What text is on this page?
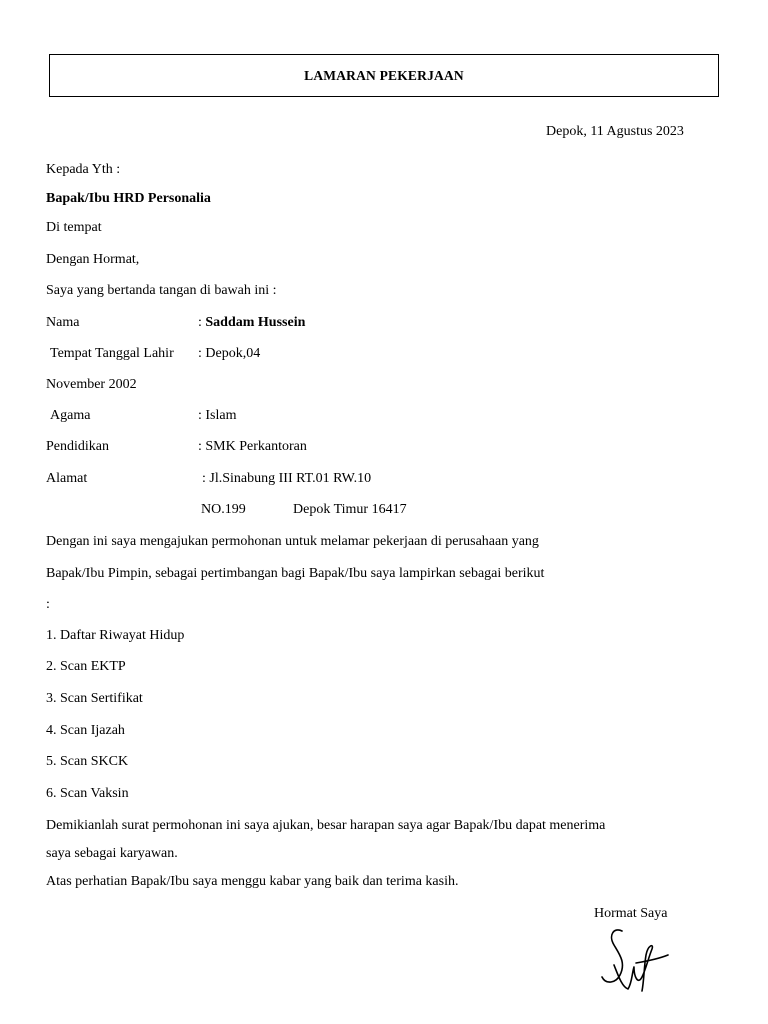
LAMARAN PEKERJAAN
Depok, 11 Agustus 2023
Kepada Yth :
Bapak/Ibu HRD Personalia
Di tempat
Dengan Hormat,
Saya yang bertanda tangan di bawah ini :
Nama	: Saddam Hussein
Tempat Tanggal Lahir : Depok,04
November 2002
Agama	: Islam
Pendidikan	: SMK Perkantoran
Alamat	: Jl.Sinabung III RT.01 RW.10
NO.199	Depok Timur 16417
Dengan ini saya mengajukan permohonan untuk melamar pekerjaan di perusahaan yang
Bapak/Ibu Pimpin, sebagai pertimbangan bagi Bapak/Ibu saya lampirkan sebagai berikut
:
1. Daftar Riwayat Hidup
2. Scan EKTP
3. Scan Sertifikat
4. Scan Ijazah
5. Scan SKCK
6. Scan Vaksin
Demikianlah surat permohonan ini saya ajukan, besar harapan saya agar Bapak/Ibu dapat menerima
saya sebagai karyawan.
Atas perhatian Bapak/Ibu saya menggu kabar yang baik dan terima kasih.
Hormat Saya
